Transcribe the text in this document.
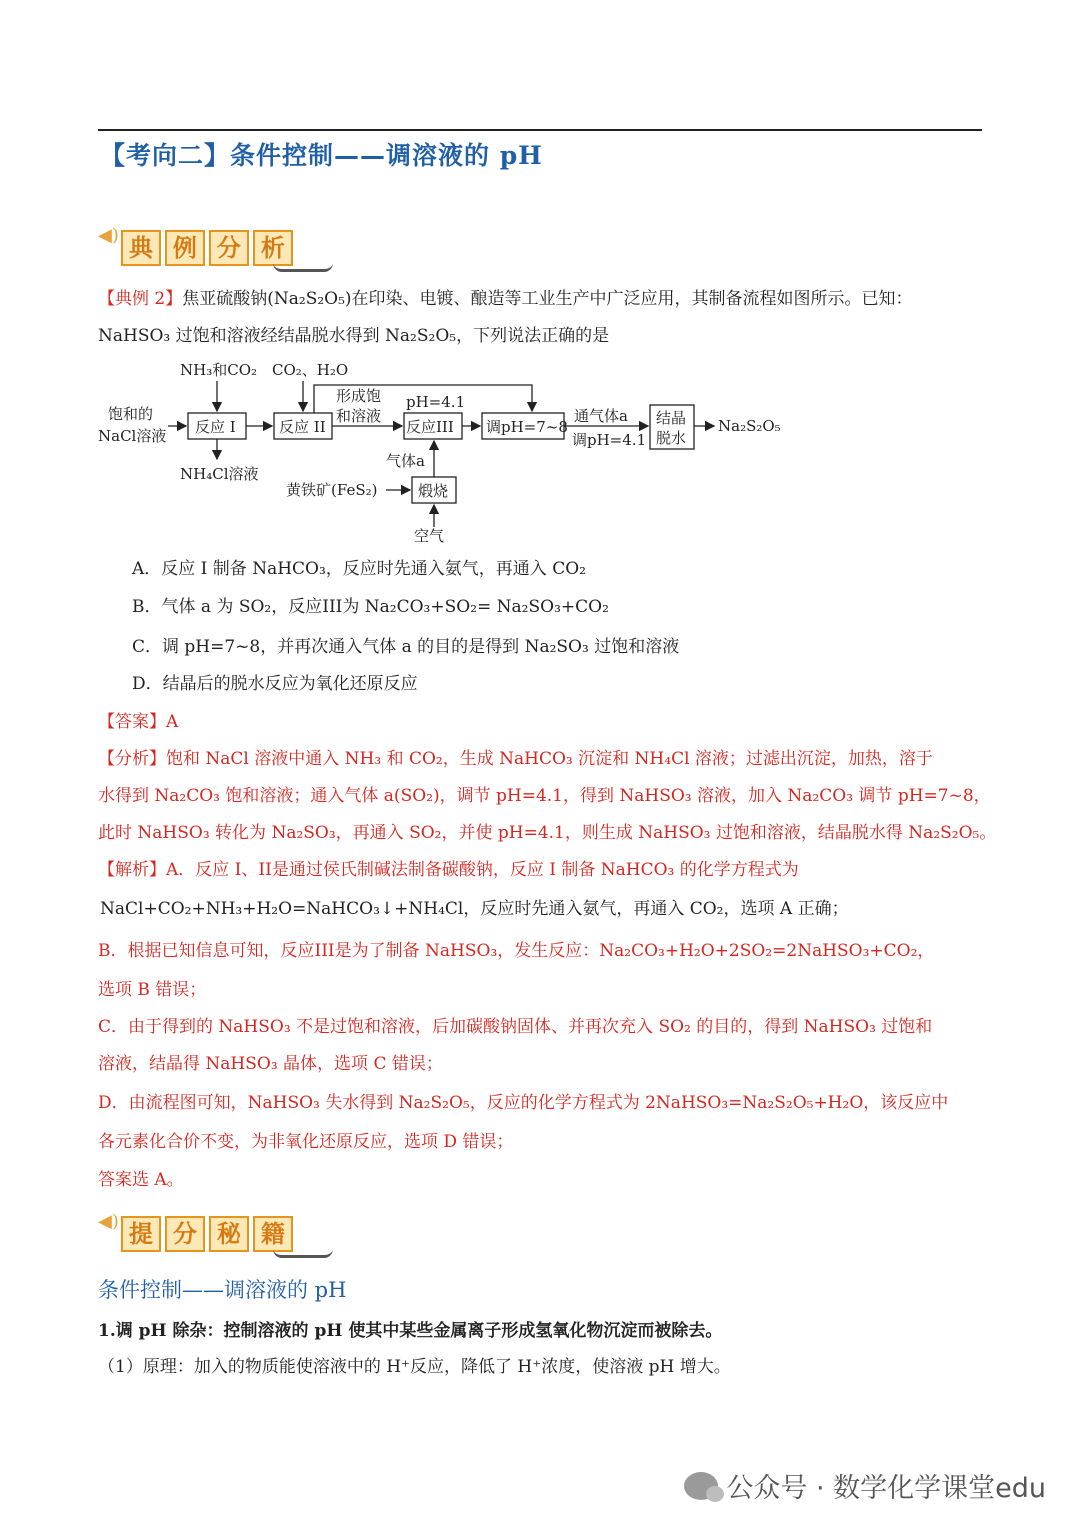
【考向二】条件控制——调溶液的 pH
◀) 典 例 分 析
【典例 2】焦亚硫酸钠(Na₂S₂O₅)在印染、电镀、酿造等工业生产中广泛应用，其制备流程如图所示。已知：
NaHSO₃ 过饱和溶液经结晶脱水得到 Na₂S₂O₅，下列说法正确的是
饱和的
NaCl溶液
NH₃和CO₂ CO₂、H₂O
形成饱
和溶液
pH=4.1
通气体a
调pH=4.1
Na₂S₂O₅
NH₄Cl溶液
气体a
黄铁矿(FeS₂)
空气
反应 I	反应 II	反应III 调pH=7~8	结晶
脱水
煅烧
A．反应 I 制备 NaHCO₃，反应时先通入氨气，再通入 CO₂
B．气体 a 为 SO₂，反应III为 Na₂CO₃+SO₂= Na₂SO₃+CO₂
C．调 pH=7~8，并再次通入气体 a 的目的是得到 Na₂SO₃ 过饱和溶液
D．结晶后的脱水反应为氧化还原反应
【答案】A
【分析】饱和 NaCl 溶液中通入 NH₃ 和 CO₂，生成 NaHCO₃ 沉淀和 NH₄Cl 溶液；过滤出沉淀，加热，溶于
水得到 Na₂CO₃ 饱和溶液；通入气体 a(SO₂)，调节 pH=4.1，得到 NaHSO₃ 溶液，加入 Na₂CO₃ 调节 pH=7~8，
此时 NaHSO₃ 转化为 Na₂SO₃，再通入 SO₂，并使 pH=4.1，则生成 NaHSO₃ 过饱和溶液，结晶脱水得 Na₂S₂O₅。
【解析】A．反应 I、II是通过侯氏制碱法制备碳酸钠，反应 I 制备 NaHCO₃ 的化学方程式为
NaCl+CO₂+NH₃+H₂O=NaHCO₃↓+NH₄Cl，反应时先通入氨气，再通入 CO₂，选项 A 正确；
B．根据已知信息可知，反应III是为了制备 NaHSO₃，发生反应：Na₂CO₃+H₂O+2SO₂=2NaHSO₃+CO₂，
选项 B 错误；
C．由于得到的 NaHSO₃ 不是过饱和溶液，后加碳酸钠固体、并再次充入 SO₂ 的目的，得到 NaHSO₃ 过饱和
溶液，结晶得 NaHSO₃ 晶体，选项 C 错误；
D．由流程图可知，NaHSO₃ 失水得到 Na₂S₂O₅，反应的化学方程式为 2NaHSO₃=Na₂S₂O₅+H₂O，该反应中
各元素化合价不变，为非氧化还原反应，选项 D 错误；
答案选 A。
◀) 提 分 秘 籍
条件控制——调溶液的 pH
1.调 pH 除杂：控制溶液的 pH 使其中某些金属离子形成氢氧化物沉淀而被除去。
（1）原理：加入的物质能使溶液中的 H⁺反应，降低了 H⁺浓度，使溶液 pH 增大。
公众号 · 数学化学课堂edu
